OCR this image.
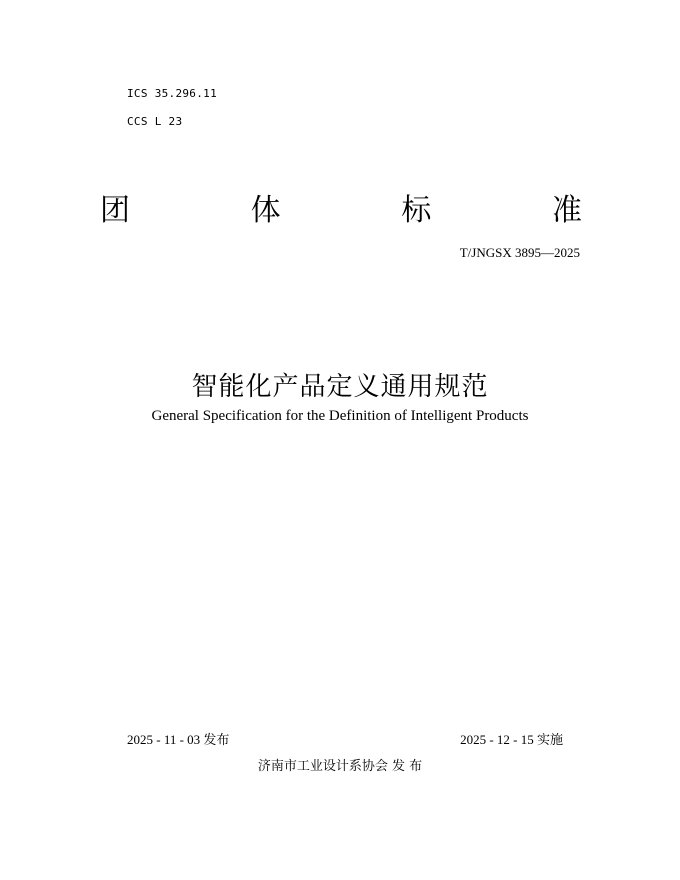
ICS 35.296.11
CCS L 23
团	体	标	准
T/JNGSX 3895—2025
智能化产品定义通用规范
General Specification for the Definition of Intelligent Products
2025 - 11 - 03 发布	2025 - 12 - 15 实施
济南市工业设计系协会 发 布
